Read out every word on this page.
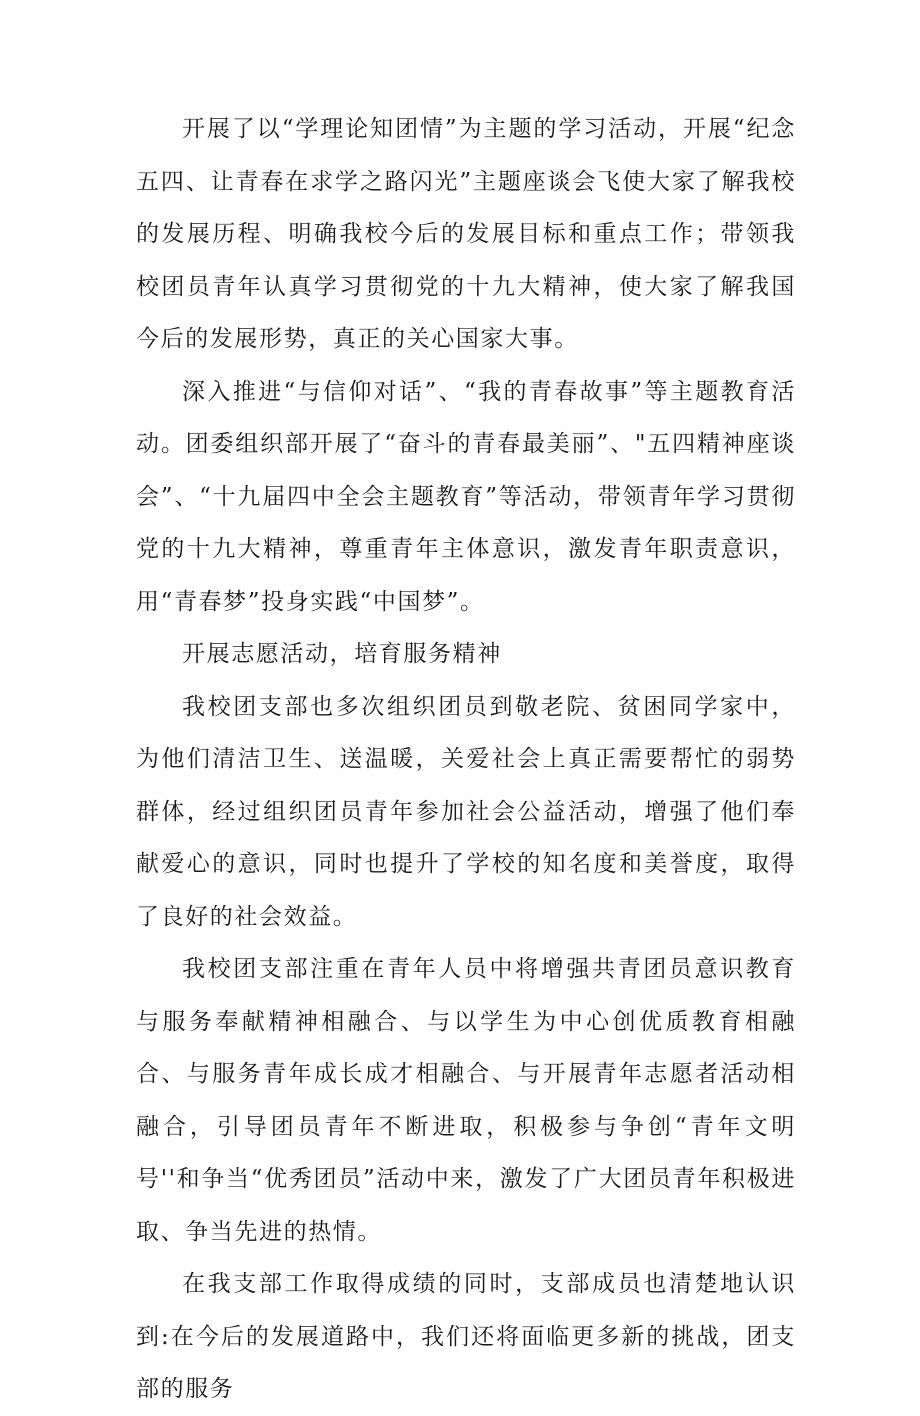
开展了以“学理论知团情”为主题的学习活动，开展“纪念五四、让青春在求学之路闪光”主题座谈会飞使大家了解我校的发展历程、明确我校今后的发展目标和重点工作；带领我校团员青年认真学习贯彻党的十九大精神，使大家了解我国今后的发展形势，真正的关心国家大事。

深入推进“与信仰对话”、“我的青春故事”等主题教育活动。团委组织部开展了“奋斗的青春最美丽”、"五四精神座谈会”、“十九届四中全会主题教育”等活动，带领青年学习贯彻党的十九大精神，尊重青年主体意识，激发青年职责意识，用“青春梦”投身实践“中国梦”。

开展志愿活动，培育服务精神

我校团支部也多次组织团员到敬老院、贫困同学家中，为他们清洁卫生、送温暖，关爱社会上真正需要帮忙的弱势群体，经过组织团员青年参加社会公益活动，增强了他们奉献爱心的意识，同时也提升了学校的知名度和美誉度，取得了良好的社会效益。

我校团支部注重在青年人员中将增强共青团员意识教育与服务奉献精神相融合、与以学生为中心创优质教育相融合、与服务青年成长成才相融合、与开展青年志愿者活动相融合，引导团员青年不断进取，积极参与争创“青年文明号''和争当“优秀团员”活动中来，激发了广大团员青年积极进取、争当先进的热情。

在我支部工作取得成绩的同时，支部成员也清楚地认识到:在今后的发展道路中，我们还将面临更多新的挑战，团支部的服务
